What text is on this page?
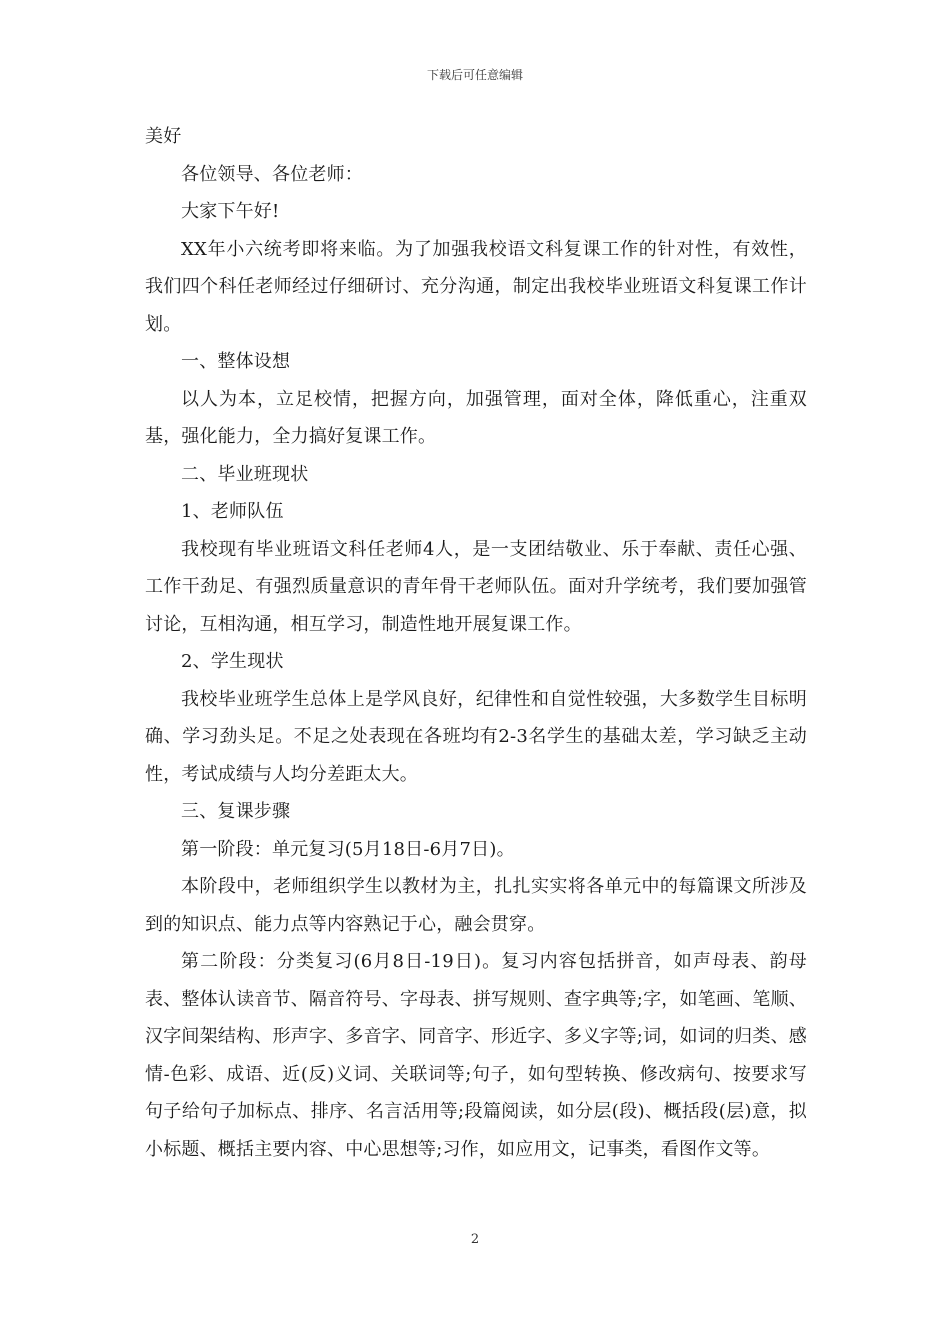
下载后可任意编辑

美好

各位领导、各位老师：

大家下午好!

XX年小六统考即将来临。为了加强我校语文科复课工作的针对性，有效性，我们四个科任老师经过仔细研讨、充分沟通，制定出我校毕业班语文科复课工作计划。

一、整体设想

以人为本，立足校情，把握方向，加强管理，面对全体，降低重心，注重双基，强化能力，全力搞好复课工作。

二、毕业班现状

1、老师队伍

我校现有毕业班语文科任老师4人，是一支团结敬业、乐于奉献、责任心强、工作干劲足、有强烈质量意识的青年骨干老师队伍。面对升学统考，我们要加强管讨论，互相沟通，相互学习，制造性地开展复课工作。

2、学生现状

我校毕业班学生总体上是学风良好，纪律性和自觉性较强，大多数学生目标明确、学习劲头足。不足之处表现在各班均有2-3名学生的基础太差，学习缺乏主动性，考试成绩与人均分差距太大。

三、复课步骤

第一阶段：单元复习(5月18日-6月7日)。

本阶段中，老师组织学生以教材为主，扎扎实实将各单元中的每篇课文所涉及到的知识点、能力点等内容熟记于心，融会贯穿。

第二阶段：分类复习(6月8日-19日)。复习内容包括拼音，如声母表、韵母表、整体认读音节、隔音符号、字母表、拼写规则、查字典等;字，如笔画、笔顺、汉字间架结构、形声字、多音字、同音字、形近字、多义字等;词，如词的归类、感情-色彩、成语、近(反)义词、关联词等;句子，如句型转换、修改病句、按要求写句子给句子加标点、排序、名言活用等;段篇阅读，如分层(段)、概括段(层)意，拟小标题、概括主要内容、中心思想等;习作，如应用文，记事类，看图作文等。

2
